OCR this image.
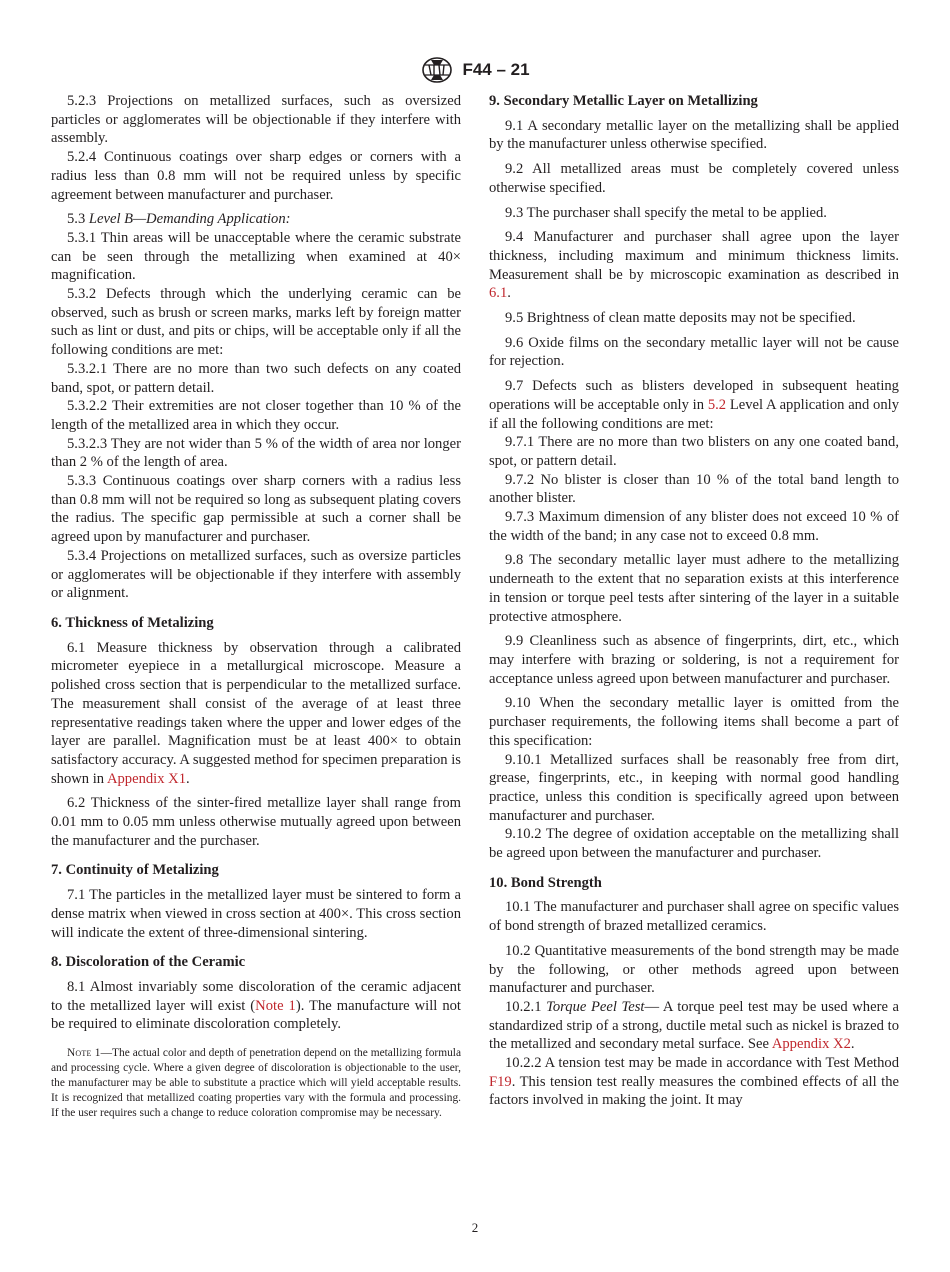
F44 – 21

5.2.3 Projections on metallized surfaces, such as oversized particles or agglomerates will be objectionable if they interfere with assembly.

5.2.4 Continuous coatings over sharp edges or corners with a radius less than 0.8 mm will not be required unless by specific agreement between manufacturer and purchaser.

5.3 Level B—Demanding Application:

5.3.1 Thin areas will be unacceptable where the ceramic substrate can be seen through the metallizing when examined at 40× magnification.

5.3.2 Defects through which the underlying ceramic can be observed, such as brush or screen marks, marks left by foreign matter such as lint or dust, and pits or chips, will be acceptable only if all the following conditions are met:

5.3.2.1 There are no more than two such defects on any coated band, spot, or pattern detail.

5.3.2.2 Their extremities are not closer together than 10 % of the length of the metallized area in which they occur.

5.3.2.3 They are not wider than 5 % of the width of area nor longer than 2 % of the length of area.

5.3.3 Continuous coatings over sharp corners with a radius less than 0.8 mm will not be required so long as subsequent plating covers the radius. The specific gap permissible at such a corner shall be agreed upon by manufacturer and purchaser.

5.3.4 Projections on metallized surfaces, such as oversize particles or agglomerates will be objectionable if they interfere with assembly or alignment.

6. Thickness of Metalizing

6.1 Measure thickness by observation through a calibrated micrometer eyepiece in a metallurgical microscope. Measure a polished cross section that is perpendicular to the metallized surface. The measurement shall consist of the average of at least three representative readings taken where the upper and lower edges of the layer are parallel. Magnification must be at least 400× to obtain satisfactory accuracy. A suggested method for specimen preparation is shown in Appendix X1.

6.2 Thickness of the sinter-fired metallize layer shall range from 0.01 mm to 0.05 mm unless otherwise mutually agreed upon between the manufacturer and the purchaser.

7. Continuity of Metalizing

7.1 The particles in the metallized layer must be sintered to form a dense matrix when viewed in cross section at 400×. This cross section will indicate the extent of three-dimensional sintering.

8. Discoloration of the Ceramic

8.1 Almost invariably some discoloration of the ceramic adjacent to the metallized layer will exist (Note 1). The manufacture will not be required to eliminate discoloration completely.

Note 1—The actual color and depth of penetration depend on the metallizing formula and processing cycle. Where a given degree of discoloration is objectionable to the user, the manufacturer may be able to substitute a practice which will yield acceptable results. It is recognized that metallized coating properties vary with the formula and processing. If the user requires such a change to reduce coloration compromise may be necessary.
9. Secondary Metallic Layer on Metallizing

9.1 A secondary metallic layer on the metallizing shall be applied by the manufacturer unless otherwise specified.

9.2 All metallized areas must be completely covered unless otherwise specified.

9.3 The purchaser shall specify the metal to be applied.

9.4 Manufacturer and purchaser shall agree upon the layer thickness, including maximum and minimum thickness limits. Measurement shall be by microscopic examination as described in 6.1.

9.5 Brightness of clean matte deposits may not be specified.

9.6 Oxide films on the secondary metallic layer will not be cause for rejection.

9.7 Defects such as blisters developed in subsequent heating operations will be acceptable only in 5.2 Level A application and only if all the following conditions are met:

9.7.1 There are no more than two blisters on any one coated band, spot, or pattern detail.

9.7.2 No blister is closer than 10 % of the total band length to another blister.

9.7.3 Maximum dimension of any blister does not exceed 10 % of the width of the band; in any case not to exceed 0.8 mm.

9.8 The secondary metallic layer must adhere to the metallizing underneath to the extent that no separation exists at this interference in tension or torque peel tests after sintering of the layer in a suitable protective atmosphere.

9.9 Cleanliness such as absence of fingerprints, dirt, etc., which may interfere with brazing or soldering, is not a requirement for acceptance unless agreed upon between manufacturer and purchaser.

9.10 When the secondary metallic layer is omitted from the purchaser requirements, the following items shall become a part of this specification:

9.10.1 Metallized surfaces shall be reasonably free from dirt, grease, fingerprints, etc., in keeping with normal good handling practice, unless this condition is specifically agreed upon between manufacturer and purchaser.

9.10.2 The degree of oxidation acceptable on the metallizing shall be agreed upon between the manufacturer and purchaser.

10. Bond Strength

10.1 The manufacturer and purchaser shall agree on specific values of bond strength of brazed metallized ceramics.

10.2 Quantitative measurements of the bond strength may be made by the following, or other methods agreed upon between manufacturer and purchaser.

10.2.1 Torque Peel Test— A torque peel test may be used where a standardized strip of a strong, ductile metal such as nickel is brazed to the metallized and secondary metal surface. See Appendix X2.

10.2.2 A tension test may be made in accordance with Test Method F19. This tension test really measures the combined effects of all the factors involved in making the joint. It may

2
